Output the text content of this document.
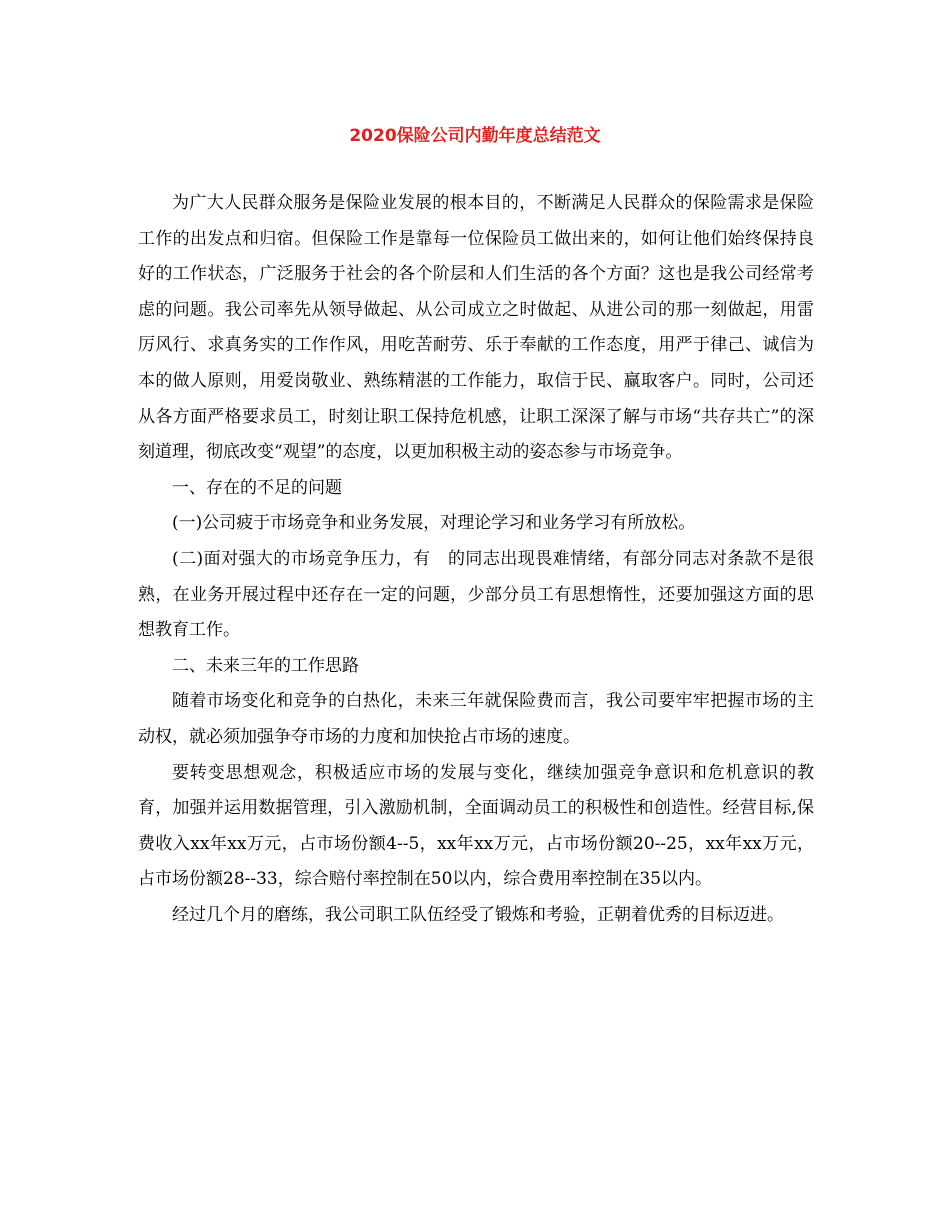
2020保险公司内勤年度总结范文

为广大人民群众服务是保险业发展的根本目的，不断满足人民群众的保险需求是保险工作的出发点和归宿。但保险工作是靠每一位保险员工做出来的，如何让他们始终保持良好的工作状态，广泛服务于社会的各个阶层和人们生活的各个方面？这也是我公司经常考虑的问题。我公司率先从领导做起、从公司成立之时做起、从进公司的那一刻做起，用雷厉风行、求真务实的工作作风，用吃苦耐劳、乐于奉献的工作态度，用严于律己、诚信为本的做人原则，用爱岗敬业、熟练精湛的工作能力，取信于民、赢取客户。同时，公司还从各方面严格要求员工，时刻让职工保持危机感，让职工深深了解与市场“共存共亡”的深刻道理，彻底改变“观望”的态度，以更加积极主动的姿态参与市场竞争。

一、存在的不足的问题

(一)公司疲于市场竞争和业务发展，对理论学习和业务学习有所放松。

(二)面对强大的市场竞争压力，有　的同志出现畏难情绪，有部分同志对条款不是很熟，在业务开展过程中还存在一定的问题，少部分员工有思想惰性，还要加强这方面的思想教育工作。

二、未来三年的工作思路

随着市场变化和竞争的白热化，未来三年就保险费而言，我公司要牢牢把握市场的主动权，就必须加强争夺市场的力度和加快抢占市场的速度。

要转变思想观念，积极适应市场的发展与变化，继续加强竞争意识和危机意识的教育，加强并运用数据管理，引入激励机制，全面调动员工的积极性和创造性。经营目标,保费收入xx年xx万元，占市场份额4--5，xx年xx万元，占市场份额20--25，xx年xx万元，占市场份额28--33，综合赔付率控制在50以内，综合费用率控制在35以内。

经过几个月的磨练，我公司职工队伍经受了锻炼和考验，正朝着优秀的目标迈进。
